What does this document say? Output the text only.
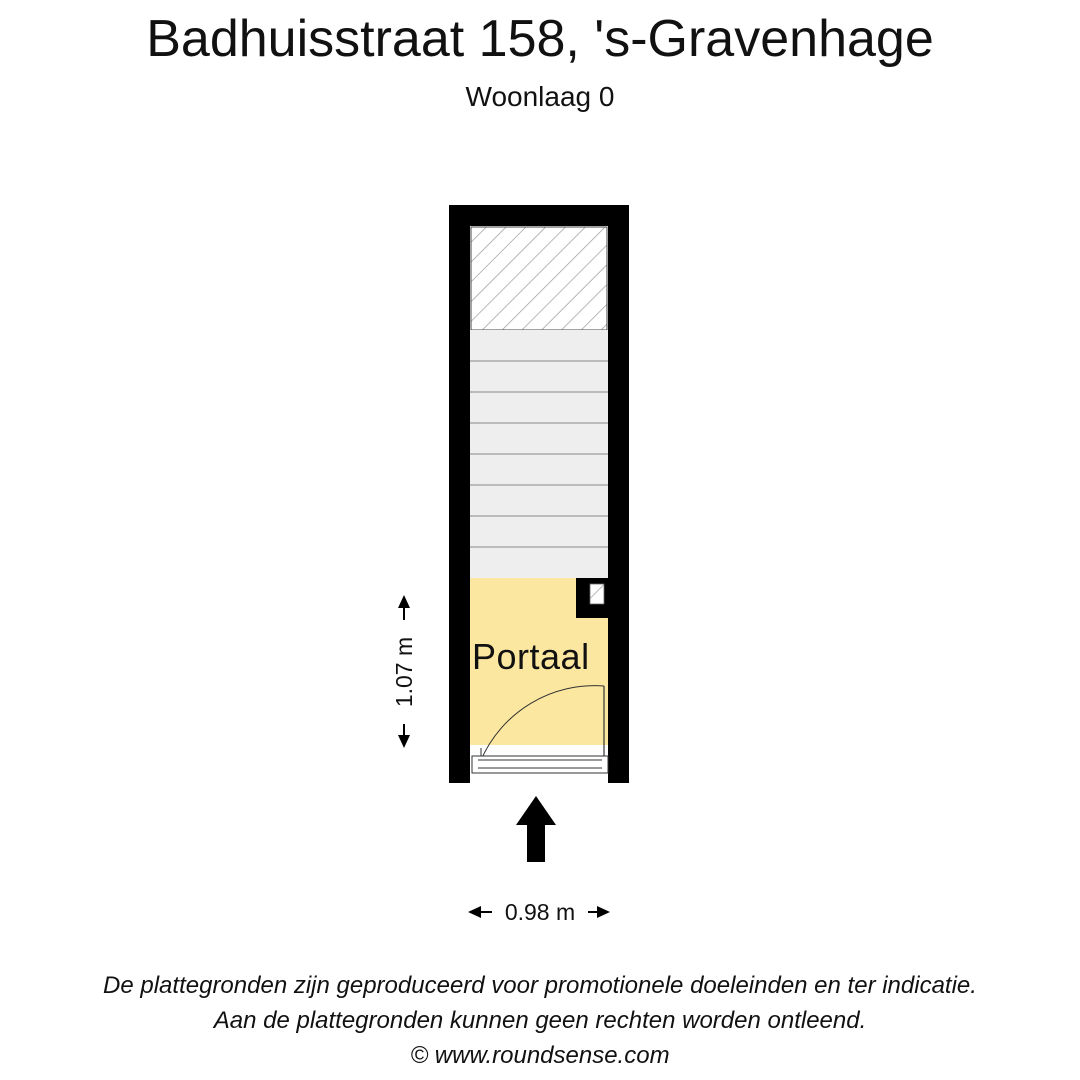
Badhuisstraat 158, 's-Gravenhage
Woonlaag 0
Portaal
1.07 m
0.98 m
De plattegronden zijn geproduceerd voor promotionele doeleinden en ter indicatie.
Aan de plattegronden kunnen geen rechten worden ontleend.
© www.roundsense.com
